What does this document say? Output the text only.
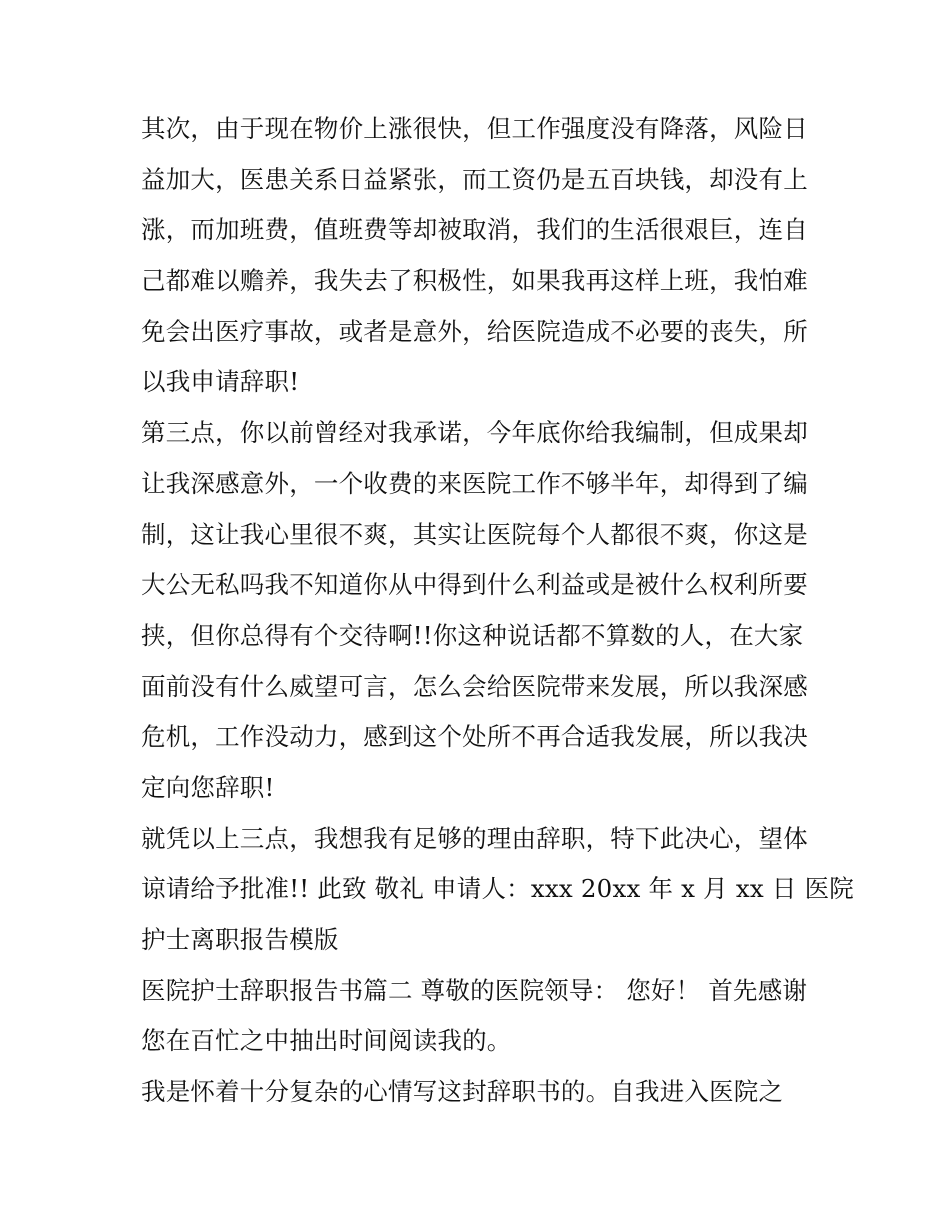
其次，由于现在物价上涨很快，但工作强度没有降落，风险日
益加大，医患关系日益紧张，而工资仍是五百块钱，却没有上
涨，而加班费，值班费等却被取消，我们的生活很艰巨，连自
己都难以赡养，我失去了积极性，如果我再这样上班，我怕难
免会出医疗事故，或者是意外，给医院造成不必要的丧失，所
以我申请辞职!

第三点，你以前曾经对我承诺，今年底你给我编制，但成果却
让我深感意外，一个收费的来医院工作不够半年，却得到了编
制，这让我心里很不爽，其实让医院每个人都很不爽，你这是
大公无私吗我不知道你从中得到什么利益或是被什么权利所要
挟，但你总得有个交待啊!!你这种说话都不算数的人，在大家
面前没有什么威望可言，怎么会给医院带来发展，所以我深感
危机，工作没动力，感到这个处所不再合适我发展，所以我决
定向您辞职!

就凭以上三点，我想我有足够的理由辞职，特下此决心，望体
谅请给予批准!! 此致 敬礼 申请人：xxx 20xx 年 x 月 xx 日 医院
护士离职报告模版

医院护士辞职报告书篇二 尊敬的医院领导： 您好！ 首先感谢
您在百忙之中抽出时间阅读我的。

我是怀着十分复杂的心情写这封辞职书的。自我进入医院之
